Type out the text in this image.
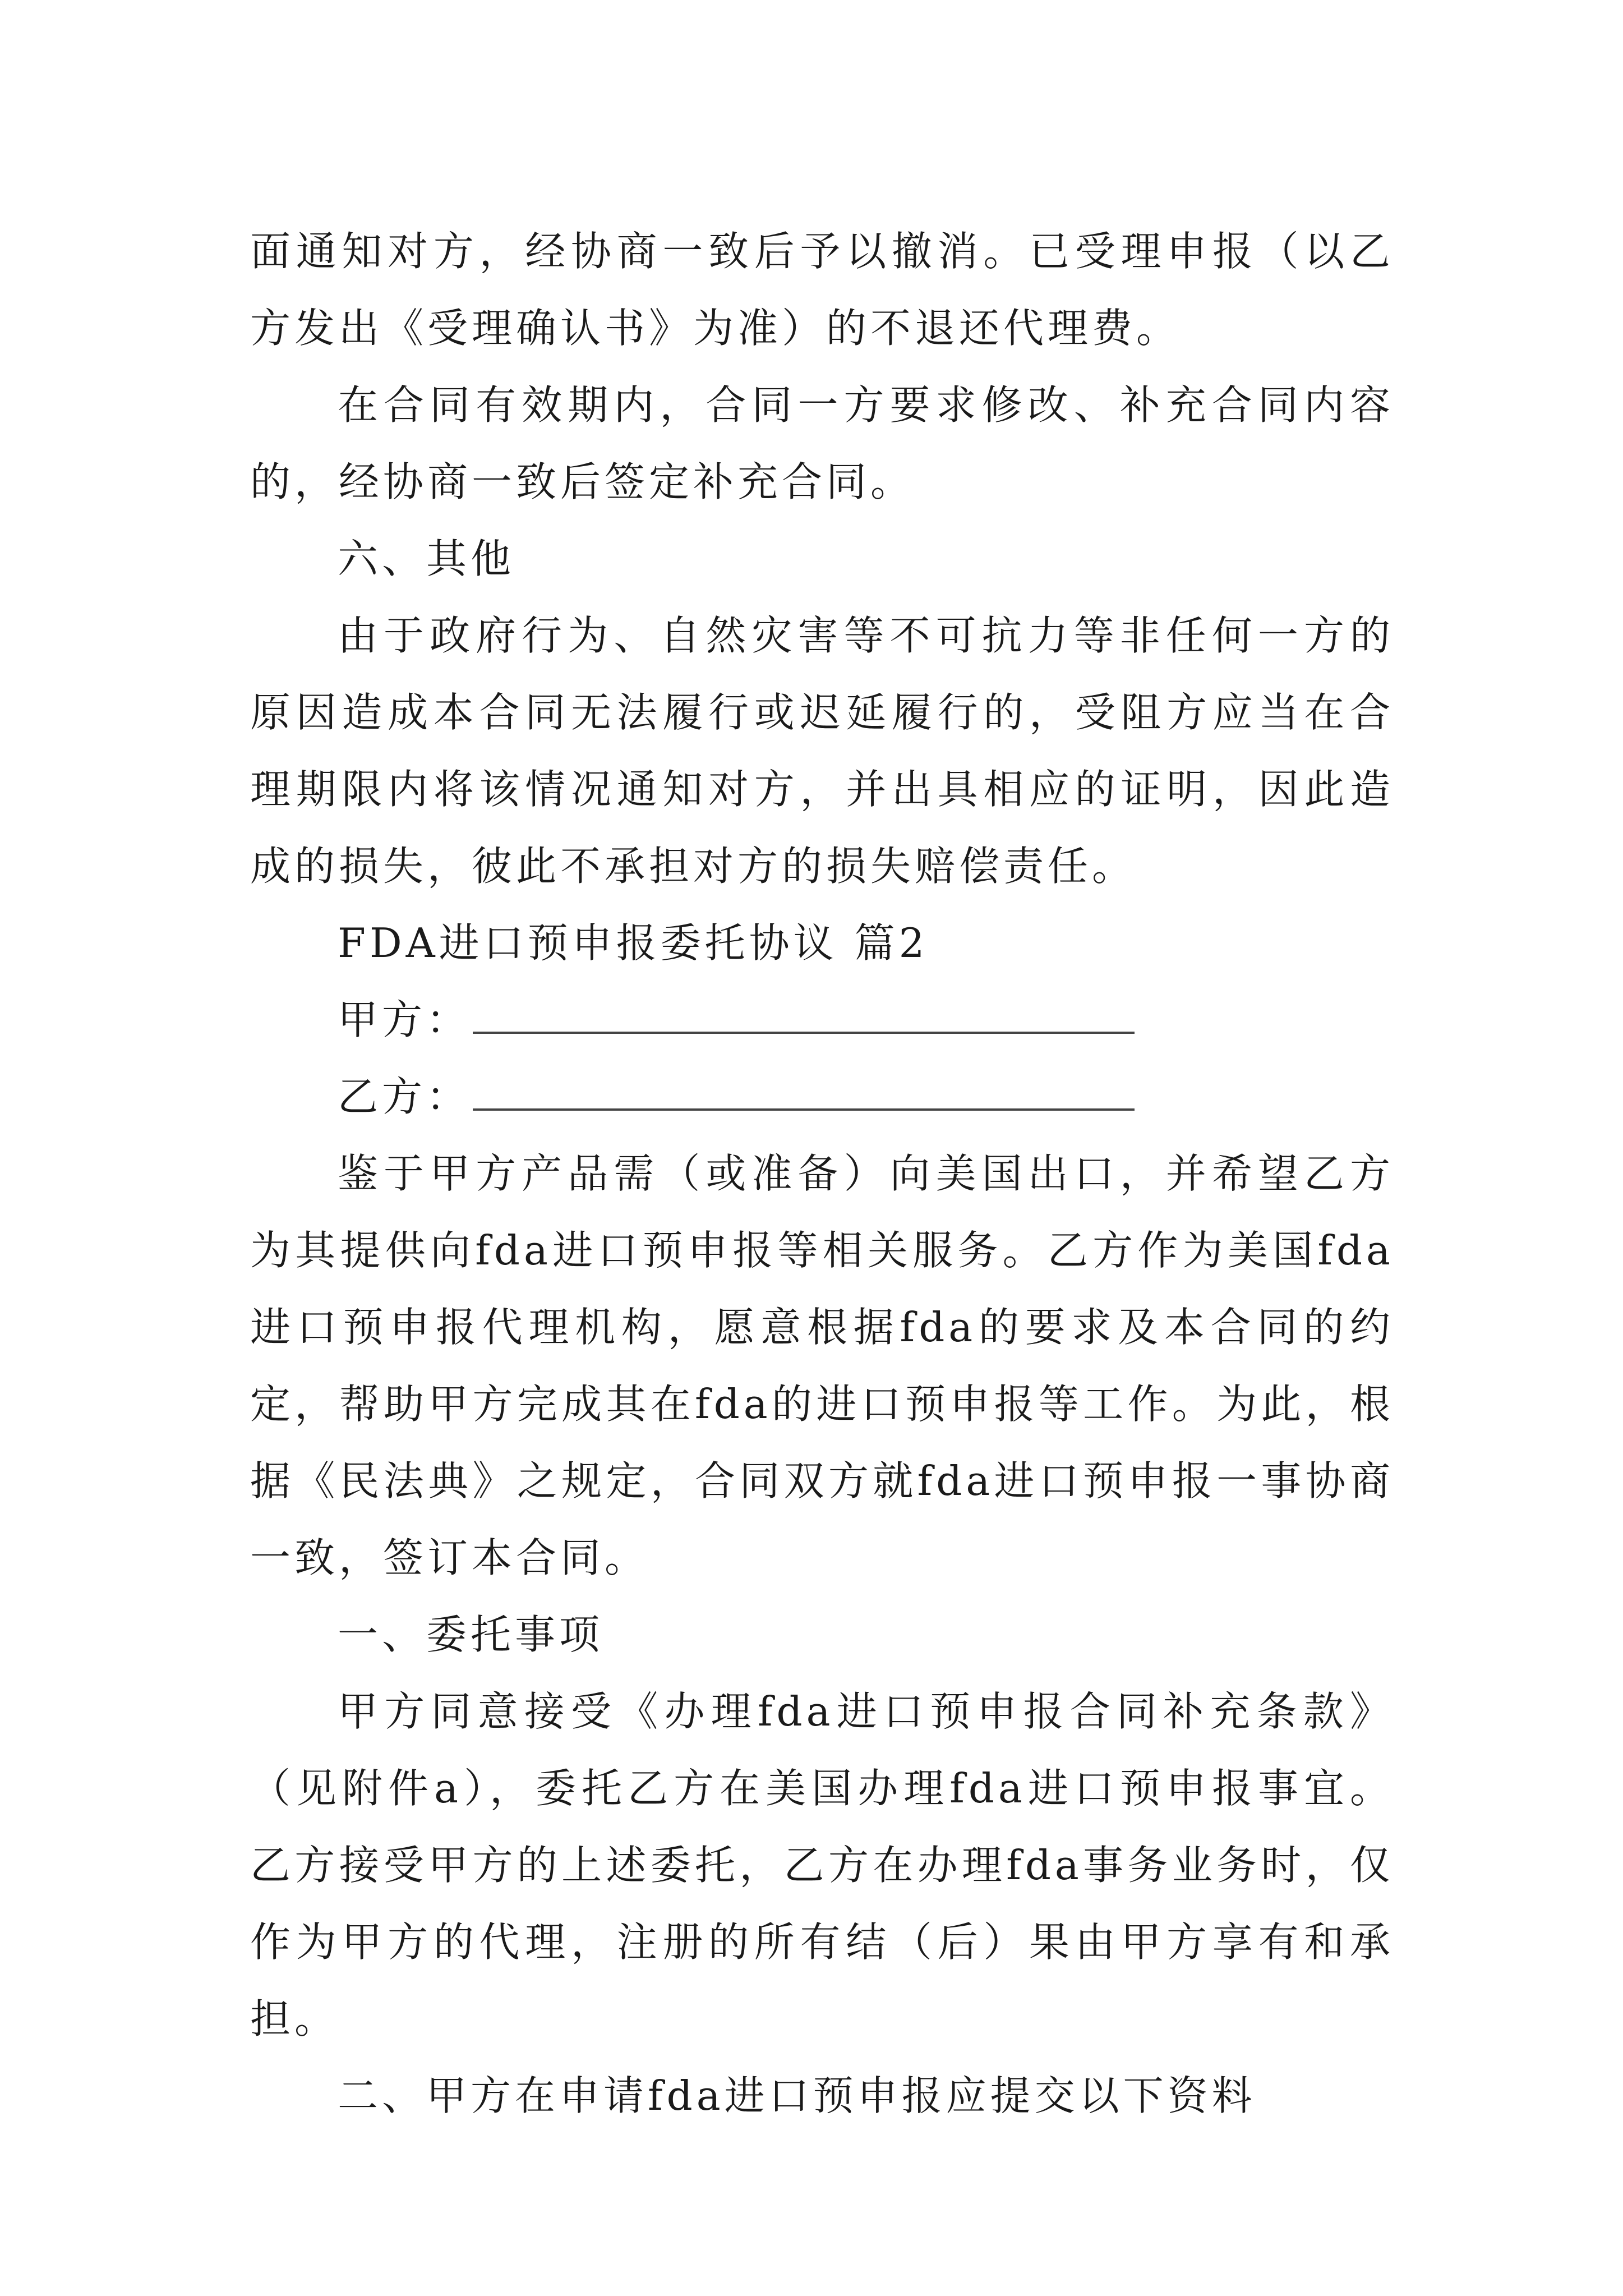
面通知对方，经协商一致后予以撤消。已受理申报（以乙方发出《受理确认书》为准）的不退还代理费。

在合同有效期内，合同一方要求修改、补充合同内容的，经协商一致后签定补充合同。

六、其他

由于政府行为、自然灾害等不可抗力等非任何一方的原因造成本合同无法履行或迟延履行的，受阻方应当在合理期限内将该情况通知对方，并出具相应的证明，因此造成的损失，彼此不承担对方的损失赔偿责任。

FDA进口预申报委托协议 篇2

甲方：
乙方：

鉴于甲方产品需（或准备）向美国出口，并希望乙方为其提供向fda进口预申报等相关服务。乙方作为美国fda进口预申报代理机构，愿意根据fda的要求及本合同的约定，帮助甲方完成其在fda的进口预申报等工作。为此，根据《民法典》之规定，合同双方就fda进口预申报一事协商一致，签订本合同。

一、委托事项

甲方同意接受《办理fda进口预申报合同补充条款》（见附件a），委托乙方在美国办理fda进口预申报事宜。乙方接受甲方的上述委托，乙方在办理fda事务业务时，仅作为甲方的代理，注册的所有结（后）果由甲方享有和承担。

二、甲方在申请fda进口预申报应提交以下资料
